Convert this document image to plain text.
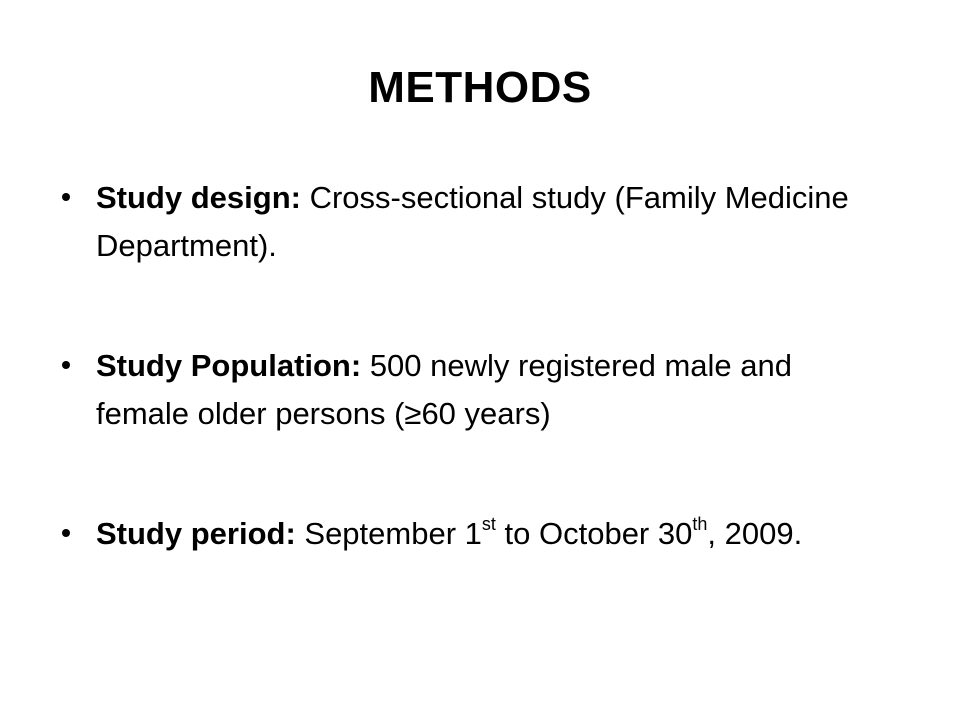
METHODS
Study design: Cross-sectional study (Family Medicine Department).
Study Population: 500 newly registered male and female older persons (≥60 years)
Study period: September 1st to October 30th, 2009.
